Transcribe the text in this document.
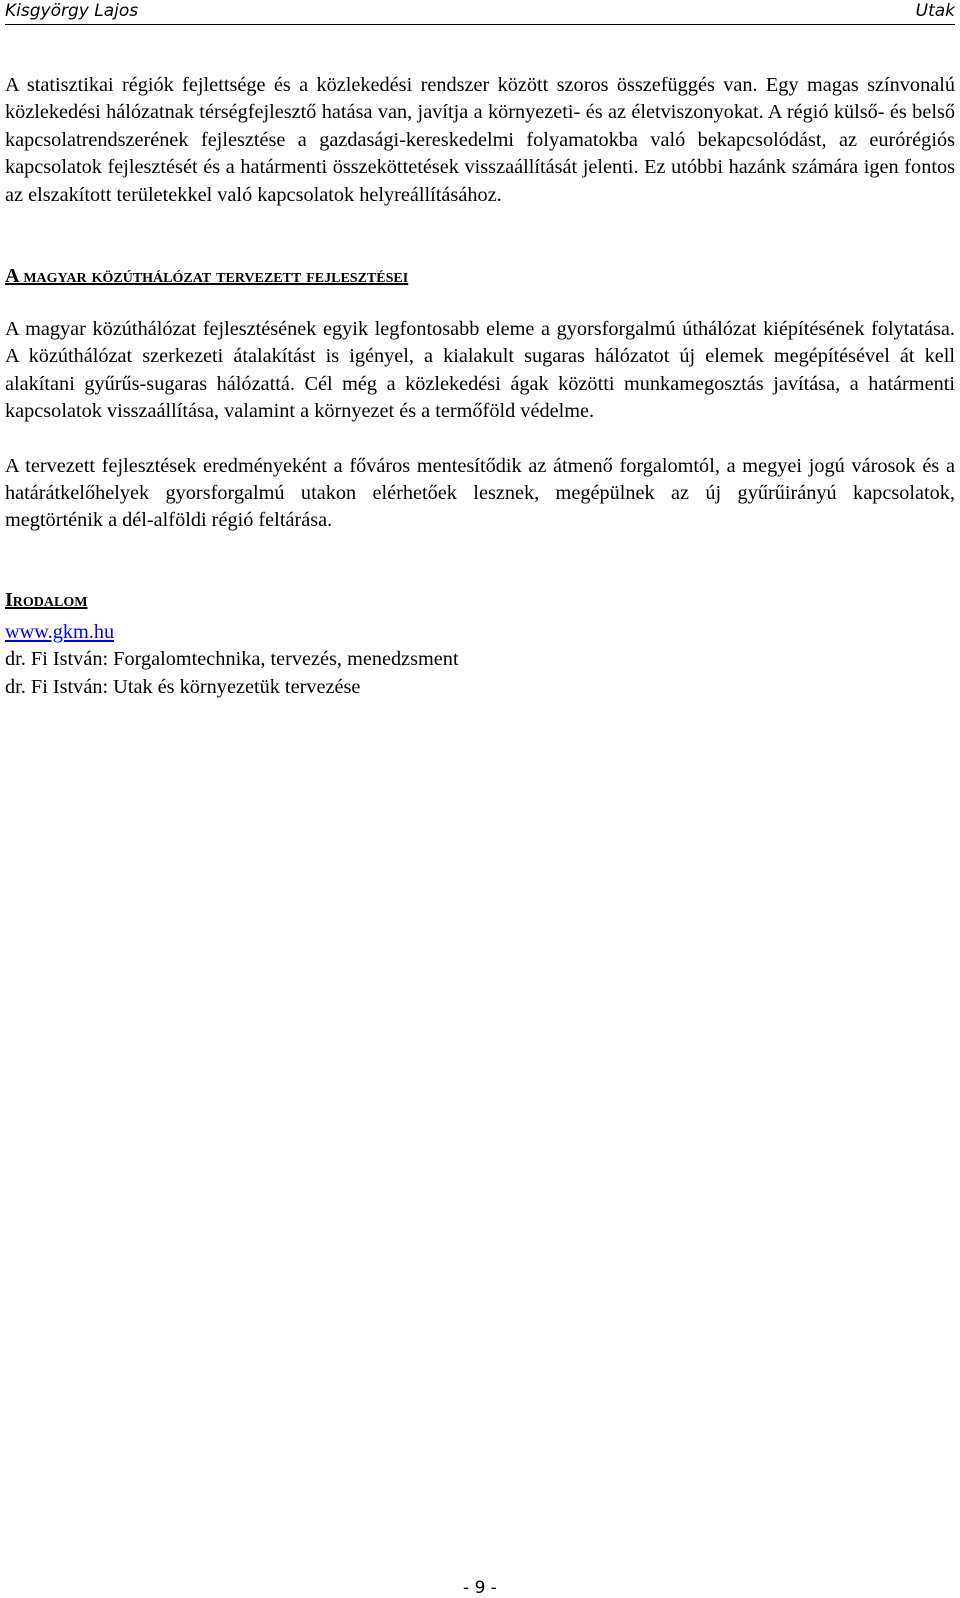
Kisgyörgy Lajos	Utak

A statisztikai régiók fejlettsége és a közlekedési rendszer között szoros összefüggés van. Egy magas színvonalú közlekedési hálózatnak térségfejlesztő hatása van, javítja a környezeti- és az életviszonyokat. A régió külső- és belső kapcsolatrendszerének fejlesztése a gazdasági-kereskedelmi folyamatokba való bekapcsolódást, az eurórégiós kapcsolatok fejlesztését és a határmenti összeköttetések visszaállítását jelenti. Ez utóbbi hazánk számára igen fontos az elszakított területekkel való kapcsolatok helyreállításához.

A magyar közúthálózat tervezett fejlesztései

A magyar közúthálózat fejlesztésének egyik legfontosabb eleme a gyorsforgalmú úthálózat kiépítésének folytatása. A közúthálózat szerkezeti átalakítást is igényel, a kialakult sugaras hálózatot új elemek megépítésével át kell alakítani gyűrűs-sugaras hálózattá. Cél még a közlekedési ágak közötti munkamegosztás javítása, a határmenti kapcsolatok visszaállítása, valamint a környezet és a termőföld védelme.

A tervezett fejlesztések eredményeként a főváros mentesítődik az átmenő forgalomtól, a megyei jogú városok és a határátkelőhelyek gyorsforgalmú utakon elérhetőek lesznek, megépülnek az új gyűrűirányú kapcsolatok, megtörténik a dél-alföldi régió feltárása.

Irodalom
www.gkm.hu
dr. Fi István: Forgalomtechnika, tervezés, menedzsment
dr. Fi István: Utak és környezetük tervezése
- 9 -
